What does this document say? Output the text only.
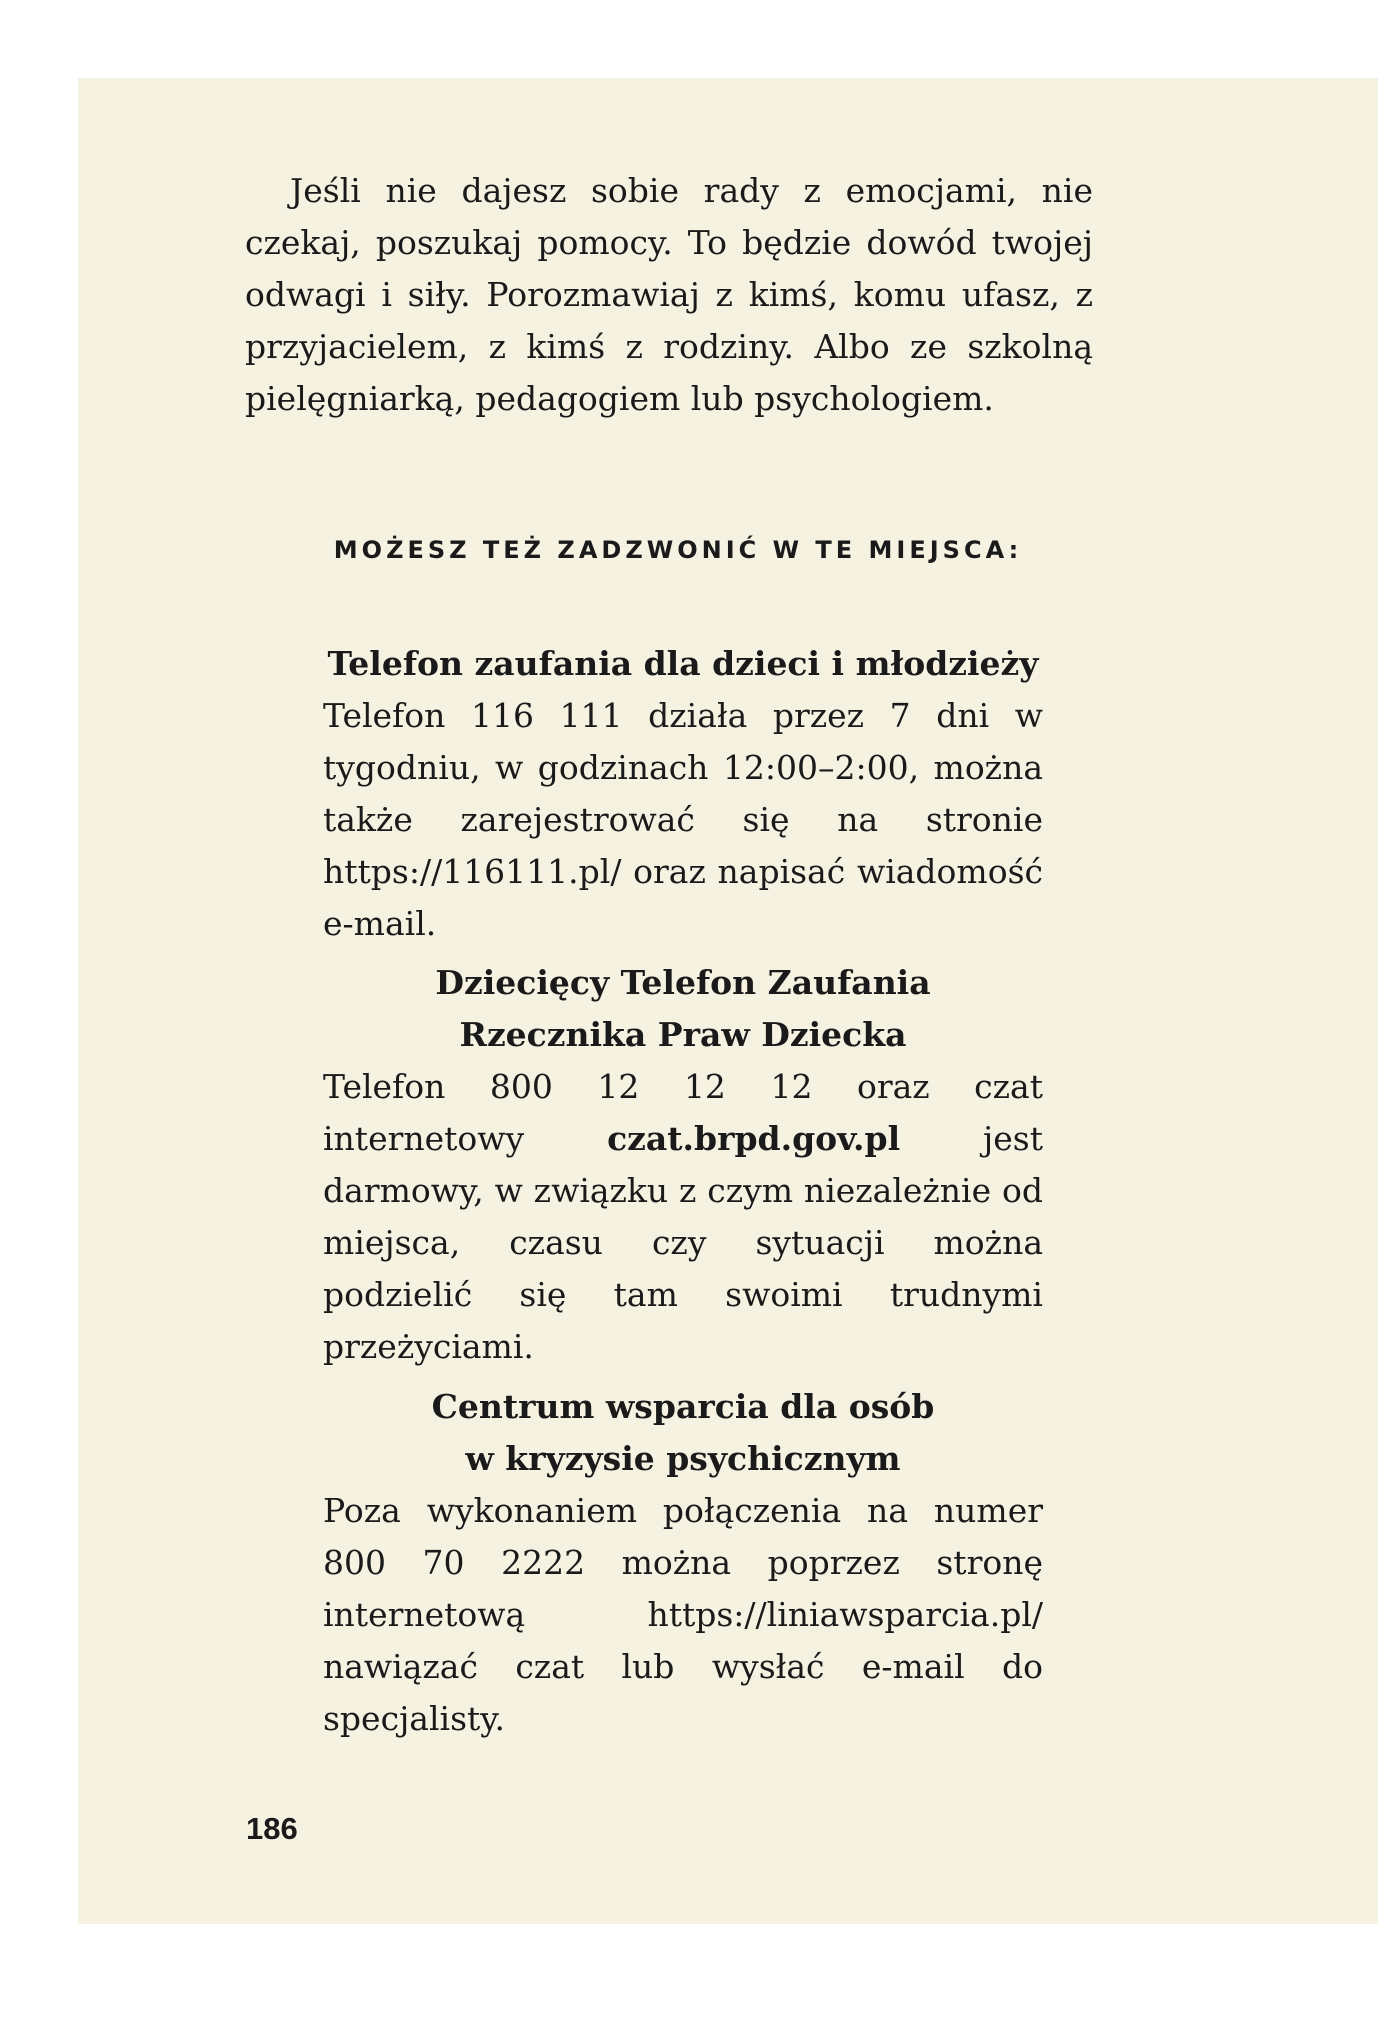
Jeśli nie dajesz sobie rady z emocjami, nie czekaj, poszukaj pomocy. To będzie dowód twojej odwagi i siły. Porozmawiaj z kimś, komu ufasz, z przyjacielem, z kimś z rodziny. Albo ze szkolną pielęgniarką, pedagogiem lub psychologiem.

MOŻESZ TEŻ ZADZWONIĆ W TE MIEJSCA:
Telefon zaufania dla dzieci i młodzieży
Telefon 116 111 działa przez 7 dni w tygodniu, w godzinach 12:00–2:00, można także zarejestrować się na stronie https://116111.pl/ oraz napisać wiadomość e-mail.
Dziecięcy Telefon Zaufania
Rzecznika Praw Dziecka
Telefon 800 12 12 12 oraz czat internetowy czat.brpd.gov.pl jest darmowy, w związku z czym niezależnie od miejsca, czasu czy sytuacji można podzielić się tam swoimi trudnymi przeżyciami.
Centrum wsparcia dla osób
w kryzysie psychicznym
Poza wykonaniem połączenia na numer 800 70 2222 można poprzez stronę internetową https://liniawsparcia.pl/ nawiązać czat lub wysłać e-mail do specjalisty.
186
